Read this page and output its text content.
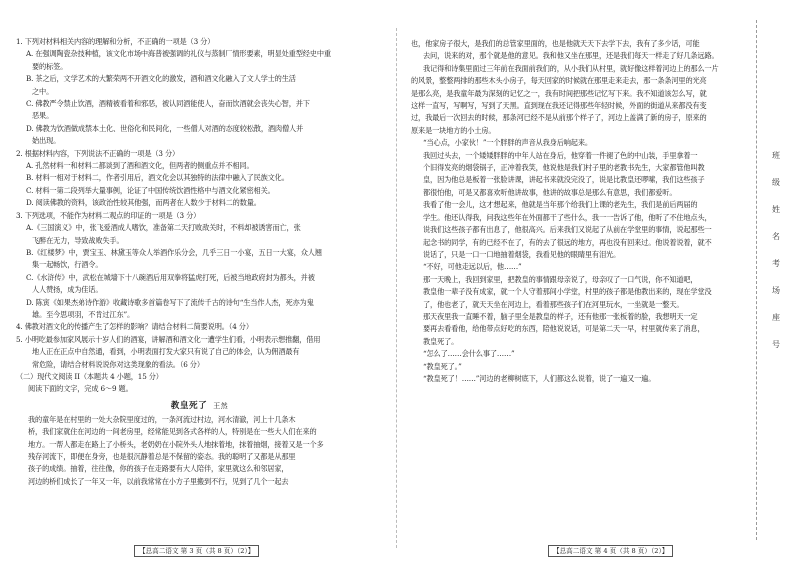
1. 下列对材料相关内容的理解和分析，不正确的一项是（3 分）
A. 在强调陶瓷杂技种植，该文化市场中海普被强调的礼仪与蒸制厂情形要素，明显处重型经史中重
要的标签。
B. 茶之后，文学艺术的大繁荣两不开酒文化的激发，酒和酒文化融入了文人学士的生活
之中。
C. 佛教严令禁止饮酒，酒精被看着和邪恶，被认同酒能使人，奋而饮酒就会丧失心智，并下
恶果。
D. 佛教为饮酒做成禁本土化、世俗化和民间化，一些僧人对酒的态度较松散，酒肉僧人并
始出现。
2. 根据材料内容，下列说法不正确的一项是（3 分）
A. 孔然材料一和材料二都谈到了酒和酒文化，但两者的侧重点并不相同。
B. 材料一相对于材料二，作者引用后，酒文化会以其独特的法律中融入了民族文化。
C. 材料一第二段列举大量事例，论证了中国传统饮酒性格中与酒文化紧密相关。
D. 阅读佛教的资料，该政治性较其他强，而两者在人数少于材料二的数量。
3. 下列选项，不能作为材料二观点的印证的一项是（3 分）
A.《三国演义》中，张飞爱酒成人嗜饮，准备第二天打败敌关时，不料却被诱害而亡，张
飞醉在无力，导致战败失手。
B.《红楼梦》中，贾宝玉、林黛玉等众人举酒作乐分会，几乎三日一小宴，五日一大宴，众人翘
集一起畅饮，行酒令。
C.《水浒传》中，武松在城墙下十八碗酒后用双拳将猛虎打死，后被当地政府封为都头，并被
人人赞扬，成为佳话。
D. 陈寅《如果杰弟诗作游》收藏诗歌多首篇卷写下了流传千古的诗句“生当作人杰，死亦为鬼
雄。至今思项羽，不肯过江东”。
4. 佛教对酒文化的传播产生了怎样的影响？请结合材料二简要说明。（4 分）
5. 小明吃最参加家风展示十岁人们的酒宴，讲解酒和酒文化一遭学生们看，小明表示想推翻，借用
地人正在正点中自然通，看到，小明表面打发大家只有说了自己的体会，认为佣酒最有
常危险，请结合材料说说你对这类现象的看法。（6 分）
（二）现代文阅读 II（本题共 4 小题，15 分）
阅读下面的文字，完成 6～9 题。
教皇死了 王然
我的童年是在村里的一处大杂院里度过的，一条河流过村边，河水清澈，河上十几条木
桥，我们家就住在河边的一间老房里，经常能见到各式各样的人，特别是在一些大人们在来的
地方。一帮人都走在路上了小桥头，老奶奶在小院外头人地抹着地，抹着抽烟，接着又是一个多
残存河流下，即便在身旁，也是很沉静着总是不保留的姿态。我的聪明了又都是从那里
孩子的成绩。抽着，往往像，你的孩子在走路要有大人陪伴，家里就这么和邻居家，
河边的桥们成长了一年又一年，以前我常常在小方子里搬到不行，见到了几个一起去
也，他家房子很大，是我们的总管家里面的，也是他就天天下去学下去，我有了多少话，可能
去问，说来的对，那个就是他的意见。我和他又坐在那里，还是我们每天一样走了好几条远路。
我记得和诗集里面过三年前在我面前我们的，从小我们从村里，就好像这样着河边上的那么一片
的风景，整整两排的那些木头小房子，每天回家的时候就在那里走来走去，那一条条河里的光亮
是那么亮，是我童年最为深刻的记忆之一，我有时间把那些记忆写下来。我不知道该怎么写，就
这样一直写，写啊写，写到了天黑。直到现在我还记得那些年轻时候，外面的街道从来都没有变
过，我最后一次回去的时候，那条河已经不是从前那个样子了，河边上盖满了新的房子，原来的
原来是一块地方的小土房。
“当心点，小家伙！”一个胖胖的声音从我身后响起来。
我回过头去，一个矮矮胖胖的中年人站在身后，他穿着一件褪了色的中山装，手里拿着一
个旧得发亮的烟袋锅子，正冲着我笑，他说他是我们村子里的老教书先生，大家都管他叫教
皇，因为他总是板着一张脸讲课，讲起书来就没完没了，说是比教皇还啰嗦，我们这些孩子
都很怕他，可是又都喜欢听他讲故事，他讲的故事总是那么有意思，我们都爱听。
我看了他一会儿，这才想起来，他就是当年那个给我们上课的老先生，我们是前后两届的
学生。他还认得我，问我这些年在外面都干了些什么，我一一告诉了他，他听了不住地点头，
说我们这些孩子都有出息了，他很高兴。后来我们又说起了从前在学堂里的事情，说起那些一
起念书的同学，有的已经不在了，有的去了很远的地方，再也没有回来过。他说着说着，就不
说话了，只是一口一口地抽着烟袋，我看见他的眼睛里有泪光。
“不好，可他走远以后，他……”
那一天晚上，我回到家里，把教皇的事情跟母亲说了，母亲叹了一口气说，你不知道吧，
教皇他一辈子没有成家，就一个人守着那间小学堂，村里的孩子都是他教出来的，现在学堂没
了，他也老了，就天天坐在河边上，看着那些孩子们在河里玩水，一坐就是一整天。
那天夜里我一直睡不着，脑子里全是教皇的样子，还有他那一张板着的脸，我想明天一定
要再去看看他，给他带点好吃的东西，陪他说说话，可是第二天一早，村里就传来了消息，
教皇死了。
“怎么了……会什么事了……”
“教皇死了。”
“教皇死了！……”河边的老柳树底下，人们都这么说着，说了一遍又一遍。
【总高二语文 第 3 页（共 8 页）（2）】	【总高二语文 第 4 页（共 8 页）（2）】
班
级
姓
名
考
场
座
号
